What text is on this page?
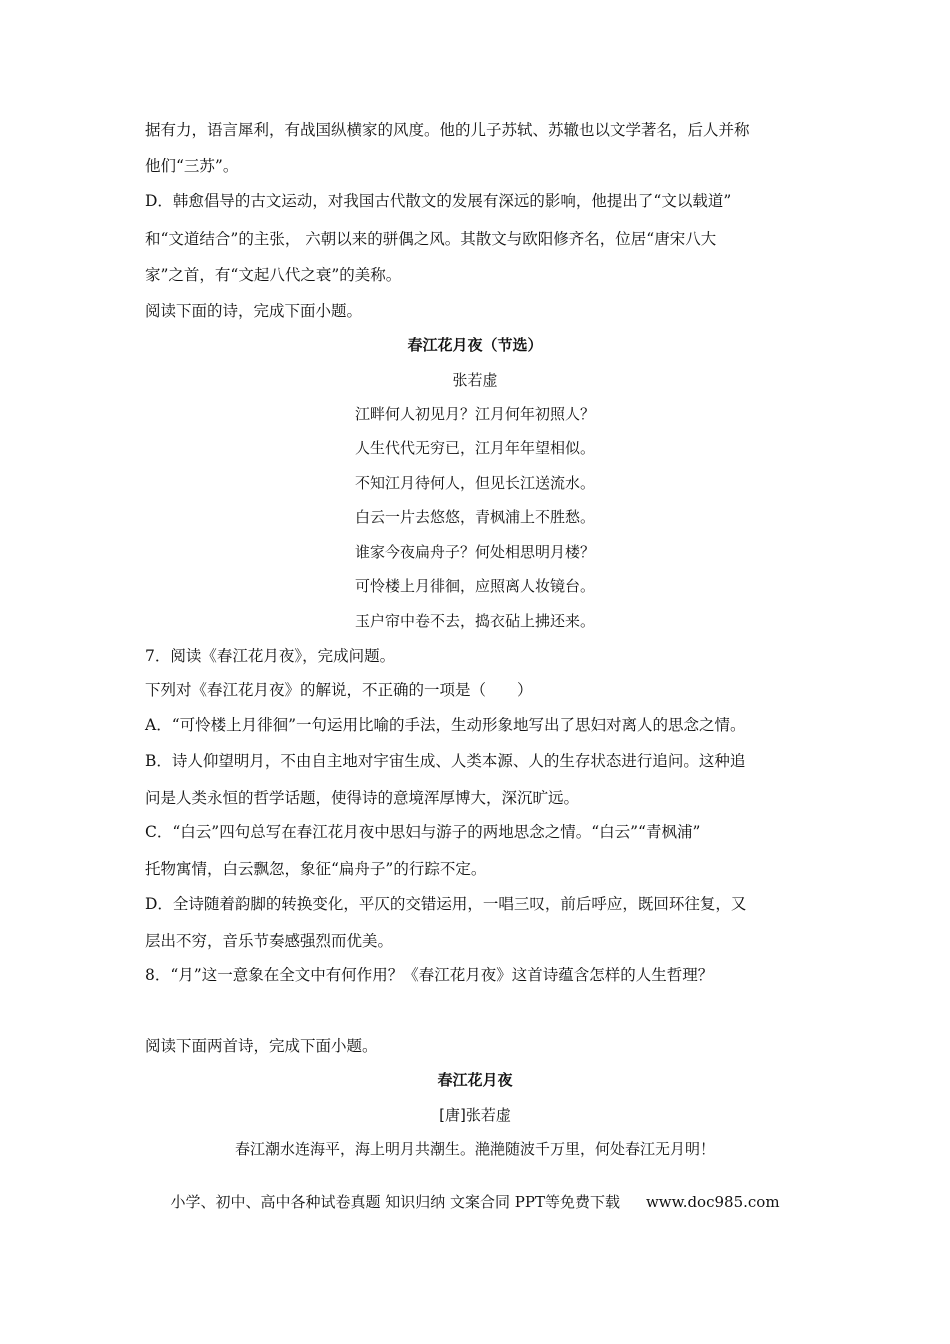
据有力，语言犀利，有战国纵横家的风度。他的儿子苏轼、苏辙也以文学著名，后人并称
他们“三苏”。
D．韩愈倡导的古文运动，对我国古代散文的发展有深远的影响，他提出了“文以载道”
和“文道结合”的主张， 六朝以来的骈偶之风。其散文与欧阳修齐名，位居“唐宋八大
家”之首，有“文起八代之衰”的美称。
阅读下面的诗，完成下面小题。
春江花月夜（节选）
张若虚
江畔何人初见月？江月何年初照人？
人生代代无穷已，江月年年望相似。
不知江月待何人，但见长江送流水。
白云一片去悠悠，青枫浦上不胜愁。
谁家今夜扁舟子？何处相思明月楼？
可怜楼上月徘徊，应照离人妆镜台。
玉户帘中卷不去，捣衣砧上拂还来。
7．阅读《春江花月夜》，完成问题。
下列对《春江花月夜》的解说，不正确的一项是（　　）
A．“可怜楼上月徘徊”一句运用比喻的手法，生动形象地写出了思妇对离人的思念之情。
B．诗人仰望明月，不由自主地对宇宙生成、人类本源、人的生存状态进行追问。这种追
问是人类永恒的哲学话题，使得诗的意境浑厚博大，深沉旷远。
C．“白云”四句总写在春江花月夜中思妇与游子的两地思念之情。“白云”“青枫浦”
托物寓情，白云飘忽，象征“扁舟子”的行踪不定。
D．全诗随着韵脚的转换变化，平仄的交错运用，一唱三叹，前后呼应，既回环往复，又
层出不穷，音乐节奏感强烈而优美。
8．“月”这一意象在全文中有何作用？《春江花月夜》这首诗蕴含怎样的人生哲理？
阅读下面两首诗，完成下面小题。
春江花月夜
[唐]张若虚
春江潮水连海平，海上明月共潮生。滟滟随波千万里，何处春江无月明！
小学、初中、高中各种试卷真题 知识归纳 文案合同 PPT等免费下载 www.doc985.com
